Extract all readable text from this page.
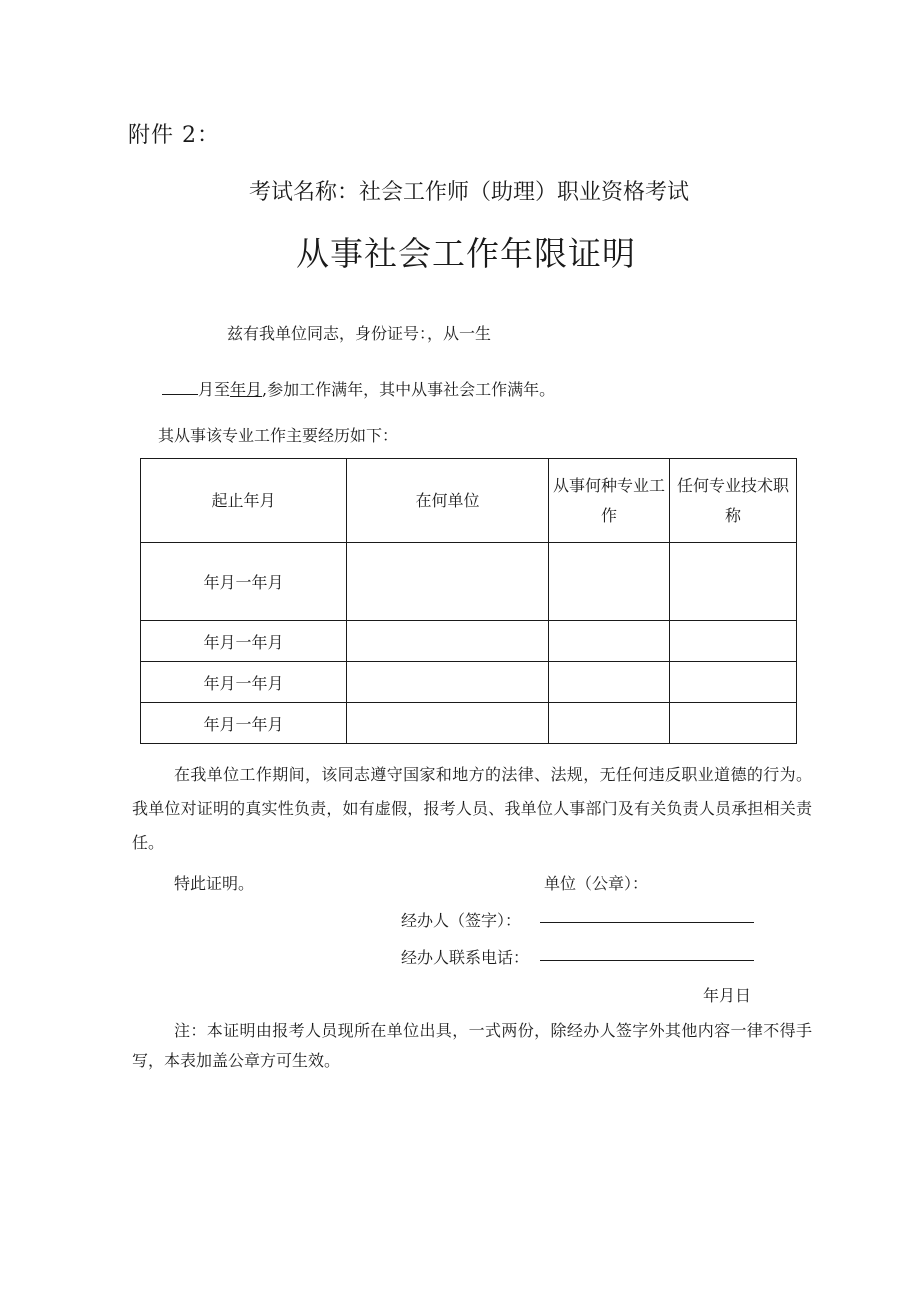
附件 2：
考试名称：社会工作师（助理）职业资格考试
从事社会工作年限证明
兹有我单位同志，身份证号：，从一生
月至年月,参加工作满年，其中从事社会工作满年。
其从事该专业工作主要经历如下：
起止年月	在何单位	从事何种专业工作	任何专业技术职称
年月一年月			
年月一年月			
年月一年月			
年月一年月			
在我单位工作期间，该同志遵守国家和地方的法律、法规，无任何违反职业道德的行为。我单位对证明的真实性负责，如有虚假，报考人员、我单位人事部门及有关负责人员承担相关责任。
特此证明。	单位（公章）：
经办人（签字）：
经办人联系电话：
年月日
注：本证明由报考人员现所在单位出具，一式两份，除经办人签字外其他内容一律不得手写，本表加盖公章方可生效。
